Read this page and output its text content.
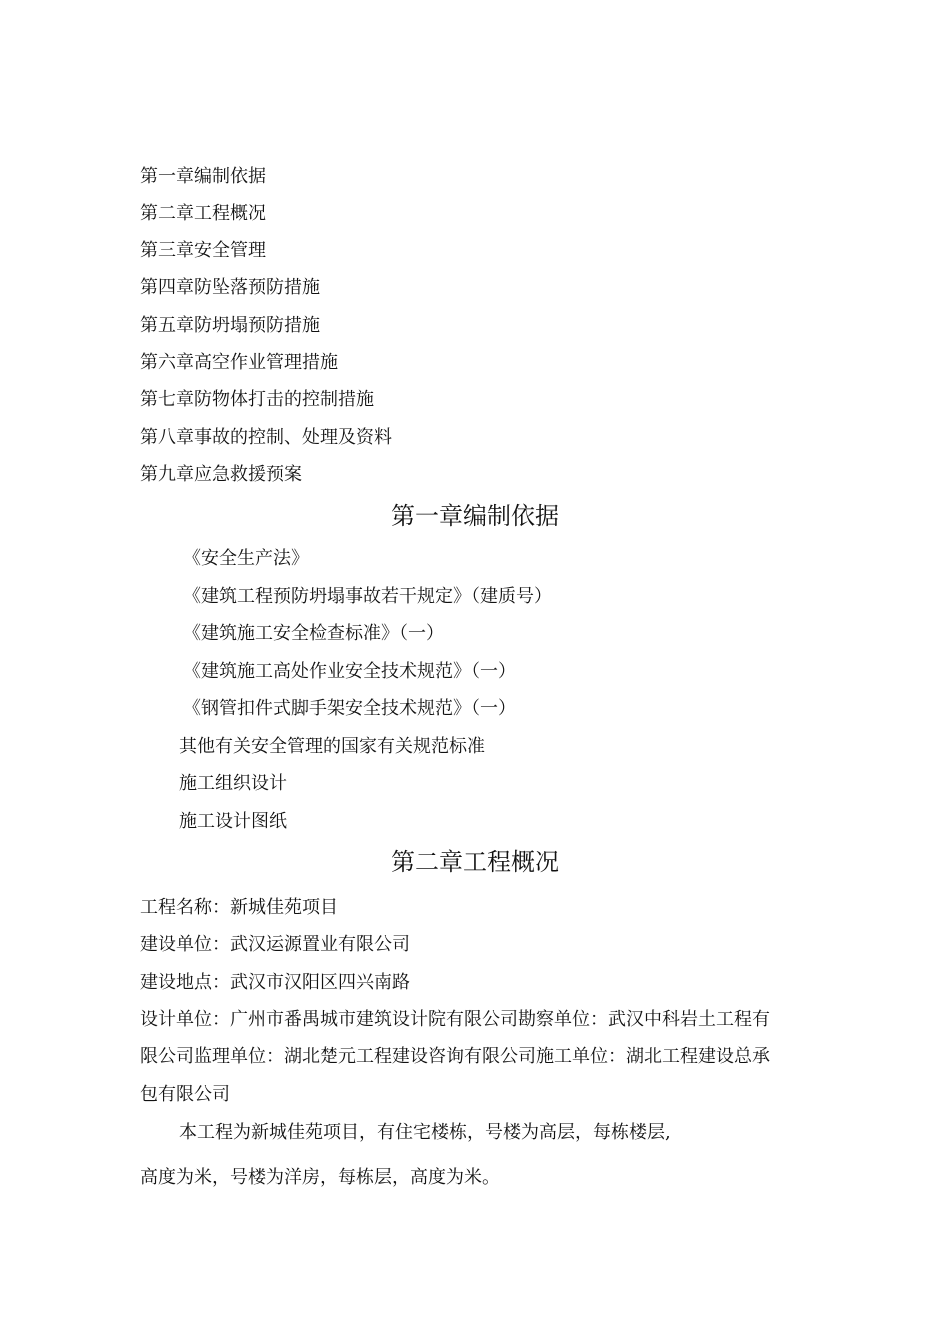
第一章编制依据
第二章工程概况
第三章安全管理
第四章防坠落预防措施
第五章防坍塌预防措施
第六章高空作业管理措施
第七章防物体打击的控制措施
第八章事故的控制、处理及资料
第九章应急救援预案
第一章编制依据
《安全生产法》
《建筑工程预防坍塌事故若干规定》（建质号）
《建筑施工安全检查标准》（一）
《建筑施工高处作业安全技术规范》（一）
《钢管扣件式脚手架安全技术规范》（一）
其他有关安全管理的国家有关规范标准
施工组织设计
施工设计图纸
第二章工程概况
工程名称：新城佳苑项目
建设单位：武汉运源置业有限公司
建设地点：武汉市汉阳区四兴南路
设计单位：广州市番禺城市建筑设计院有限公司勘察单位：武汉中科岩土工程有
限公司监理单位：湖北楚元工程建设咨询有限公司施工单位：湖北工程建设总承
包有限公司
本工程为新城佳苑项目，有住宅楼栋，号楼为高层，每栋楼层,
高度为米，号楼为洋房，每栋层，高度为米。
